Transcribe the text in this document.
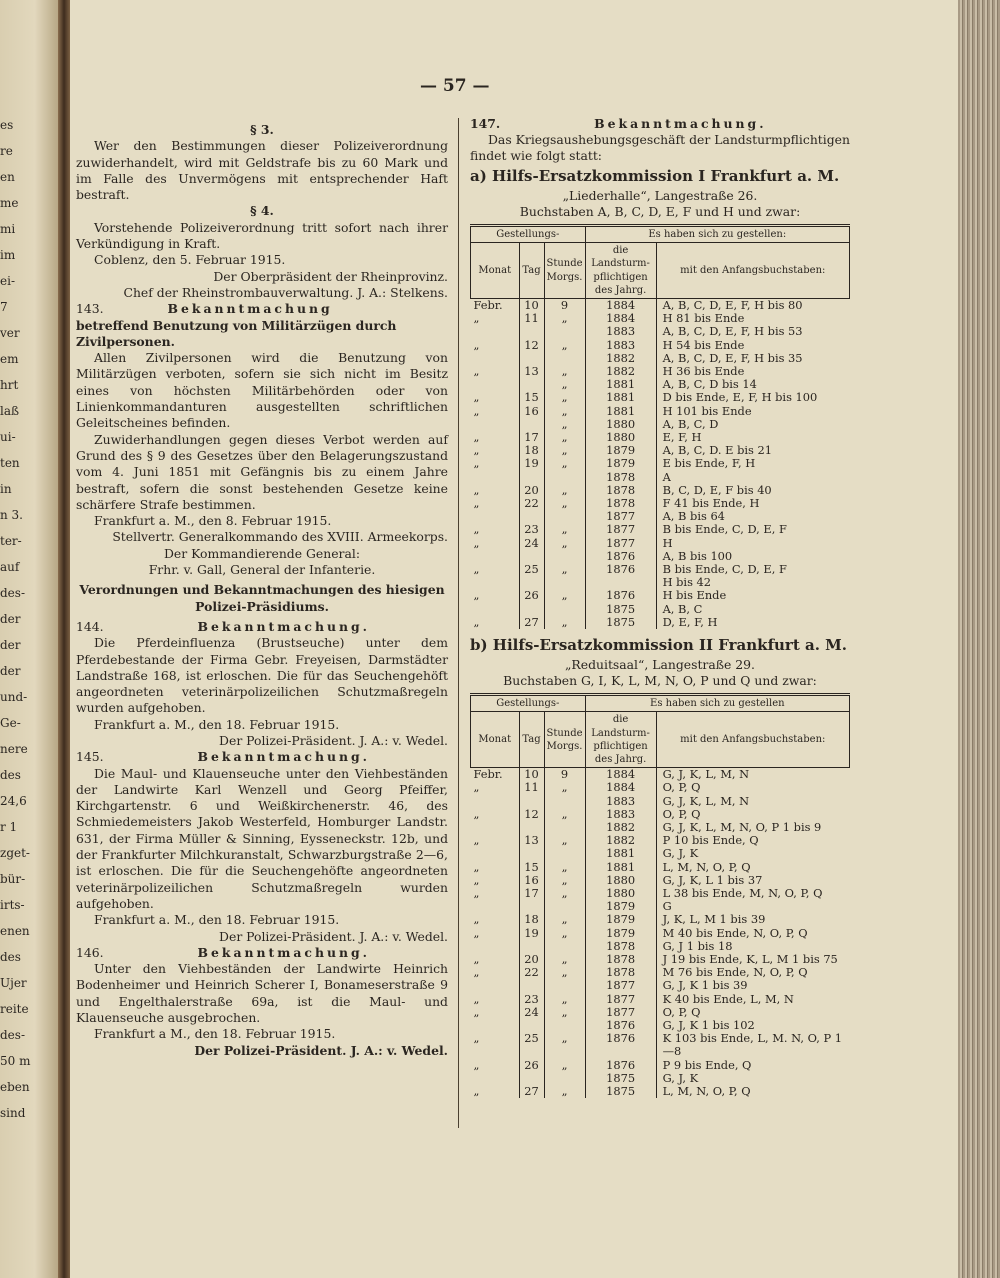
es
re
en
me
mi
im
ei-
7
ver
em
hrt
laß
ui-
ten
in
n 3.
ter-
auf
des-
der
der
der
und-
Ge-
nere
des
24,6
r 1
zget-
bür-
irts-
enen
des
Ujer
reite
des-
50 m
eben
sind
— 57 —

§ 3.

Wer den Bestimmungen dieser Polizeiverordnung zuwiderhandelt, wird mit Geldstrafe bis zu 60 Mark und im Falle des Unvermögens mit entsprechender Haft bestraft.

§ 4.

Vorstehende Polizeiverordnung tritt sofort nach ihrer Verkündigung in Kraft.

Coblenz, den 5. Februar 1915.

Der Oberpräsident der Rheinprovinz.

Chef der Rheinstrombauverwaltung. J. A.: Stelkens.

143.	Bekanntmachung

betreffend Benutzung von Militärzügen durch Zivilpersonen.

Allen Zivilpersonen wird die Benutzung von Militärzügen verboten, sofern sie sich nicht im Besitz eines von höchsten Militärbehörden oder von Linienkommandanturen ausgestellten schriftlichen Geleitscheines befinden.

Zuwiderhandlungen gegen dieses Verbot werden auf Grund des § 9 des Gesetzes über den Belagerungszustand vom 4. Juni 1851 mit Gefängnis bis zu einem Jahre bestraft, sofern die sonst bestehenden Gesetze keine schärfere Strafe bestimmen.

Frankfurt a. M., den 8. Februar 1915.

Stellvertr. Generalkommando des XVIII. Armeekorps.

Der Kommandierende General:

Frhr. v. Gall, General der Infanterie.

Verordnungen und Bekanntmachungen des hiesigen Polizei-Präsidiums.

144.	Bekanntmachung.

Die Pferdeinfluenza (Brustseuche) unter dem Pferdebestande der Firma Gebr. Freyeisen, Darmstädter Landstraße 168, ist erloschen. Die für das Seuchengehöft angeordneten veterinärpolizeilichen Schutzmaßregeln wurden aufgehoben.

Frankfurt a. M., den 18. Februar 1915.

Der Polizei-Präsident. J. A.: v. Wedel.

145.	Bekanntmachung.

Die Maul- und Klauenseuche unter den Viehbeständen der Landwirte Karl Wenzell und Georg Pfeiffer, Kirchgartenstr. 6 und Weißkirchenerstr. 46, des Schmiedemeisters Jakob Westerfeld, Homburger Landstr. 631, der Firma Müller & Sinning, Eysseneckstr. 12b, und der Frankfurter Milchkuranstalt, Schwarzburgstraße 2—6, ist erloschen. Die für die Seuchengehöfte angeordneten veterinärpolizeilichen Schutzmaßregeln wurden aufgehoben.

Frankfurt a. M., den 18. Februar 1915.

Der Polizei-Präsident. J. A.: v. Wedel.

146.	Bekanntmachung.

Unter den Viehbeständen der Landwirte Heinrich Bodenheimer und Heinrich Scherer I, Bonameserstraße 9 und Engelthalerstraße 69a, ist die Maul- und Klauenseuche ausgebrochen.

Frankfurt a M., den 18. Februar 1915.

Der Polizei-Präsident. J. A.: v. Wedel.

147.	Bekanntmachung.

Das Kriegsaushebungsgeschäft der Landsturmpflichtigen findet wie folgt statt:

a) Hilfs-Ersatzkommission I Frankfurt a. M.

„Liederhalle“, Langestraße 26.

Buchstaben A, B, C, D, E, F und H und zwar:

Gestellungs-			Es haben sich zu gestellen:	
Monat	Tag	Stunde Morgs.	die Landsturm-pflichtigen des Jahrg.	mit den Anfangsbuchstaben:
Febr.	10	9	1884	A, B, C, D, E, F, H bis 80
„	11	„	1884	H 81 bis Ende
			1883	A, B, C, D, E, F, H bis 53
„	12	„	1883	H 54 bis Ende
			1882	A, B, C, D, E, F, H bis 35
„	13	„	1882	H 36 bis Ende
		„	1881	A, B, C, D bis 14
„	15	„	1881	D bis Ende, E, F, H bis 100
„	16	„	1881	H 101 bis Ende
		„	1880	A, B, C, D
„	17	„	1880	E, F, H
„	18	„	1879	A, B, C, D. E bis 21
„	19	„	1879	E bis Ende, F, H
			1878	A
„	20	„	1878	B, C, D, E, F bis 40
„	22	„	1878	F 41 bis Ende, H
			1877	A, B bis 64
„	23	„	1877	B bis Ende, C, D, E, F
„	24	„	1877	H
			1876	A, B bis 100
„	25	„	1876	B bis Ende, C, D, E, F
				H bis 42
„	26	„	1876	H bis Ende
			1875	A, B, C
„	27	„	1875	D, E, F, H

b) Hilfs-Ersatzkommission II Frankfurt a. M.

„Reduitsaal“, Langestraße 29.

Buchstaben G, I, K, L, M, N, O, P und Q und zwar:

Gestellungs-			Es haben sich zu gestellen	
Monat	Tag	Stunde Morgs.	die Landsturm-pflichtigen des Jahrg.	mit den Anfangsbuchstaben:
Febr.	10	9	1884	G, J, K, L, M, N
„	11	„	1884	O, P, Q
			1883	G, J, K, L, M, N
„	12	„	1883	O, P, Q
			1882	G, J, K, L, M, N, O, P 1 bis 9
„	13	„	1882	P 10 bis Ende, Q
			1881	G, J, K
„	15	„	1881	L, M, N, O, P, Q
„	16	„	1880	G, J, K, L 1 bis 37
„	17	„	1880	L 38 bis Ende, M, N, O, P, Q
			1879	G
„	18	„	1879	J, K, L, M 1 bis 39
„	19	„	1879	M 40 bis Ende, N, O, P, Q
			1878	G, J 1 bis 18
„	20	„	1878	J 19 bis Ende, K, L, M 1 bis 75
„	22	„	1878	M 76 bis Ende, N, O, P, Q
			1877	G, J, K 1 bis 39
„	23	„	1877	K 40 bis Ende, L, M, N
„	24	„	1877	O, P, Q
			1876	G, J, K 1 bis 102
„	25	„	1876	K 103 bis Ende, L, M. N, O, P 1—8
„	26	„	1876	P 9 bis Ende, Q
			1875	G, J, K
„	27	„	1875	L, M, N, O, P, Q
